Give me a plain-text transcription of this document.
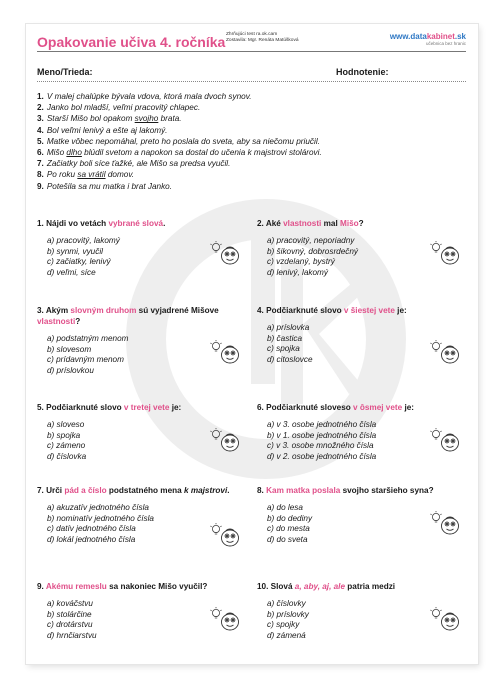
Opakovanie učiva 4. ročníka Zhrňujúci test ra.ok.cam
Zostavila: Mgr. Renáta Matúšková	www.datakabinet.sk
učebnica bez hranic
Meno/Trieda:	Hodnotenie:
1. V malej chalúpke bývala vdova, ktorá mala dvoch synov.
2. Janko bol mladší, veľmi pracovitý chlapec.
3. Starší Mišo bol opakom svojho brata.
4. Bol veľmi lenivý a ešte aj lakomý.
5. Matke vôbec nepomáhal, preto ho poslala do sveta, aby sa niečomu priučil.
6. Mišo dlho blúdil svetom a napokon sa dostal do učenia k majstrovi stolárovi.
7. Začiatky boli síce ťažké, ale Mišo sa predsa vyučil.
8. Po roku sa vrátil domov.
9. Potešila sa mu matka i brat Janko.
1. Nájdi vo vetách vybrané slová.
a) pracovitý, lakomý
b) synmi, vyučil
c) začiatky, lenivý
d) veľmi, síce
2. Aké vlastnosti mal Mišo?
a) pracovitý, neporiadny
b) šikovný, dobrosrdečný
c) vzdelaný, bystrý
d) lenivý, lakomý
3. Akým slovným druhom sú vyjadrené Mišove vlastnosti?
a) podstatným menom
b) slovesom
c) prídavným menom
d) príslovkou
4. Podčiarknuté slovo v šiestej vete je:
a) príslovka
b) častica
c) spojka
d) citoslovce
5. Podčiarknuté slovo v tretej vete je:
a) sloveso
b) spojka
c) zámeno
d) číslovka
6. Podčiarknuté sloveso v ôsmej vete je:
a) v 3. osobe jednotného čísla
b) v 1. osobe jednotného čísla
c) v 3. osobe množného čísla
d) v 2. osobe jednotného čísla
7. Urči pád a číslo podstatného mena k majstrovi.
a) akuzatív jednotného čísla
b) nominatív jednotného čísla
c) datív jednotného čísla
d) lokál jednotného čísla
8. Kam matka poslala svojho staršieho syna?
a) do lesa
b) do dediny
c) do mesta
d) do sveta
9. Akému remeslu sa nakoniec Mišo vyučil?
a) kováčstvu
b) stolárčine
c) drotárstvu
d) hrnčiarstvu
10. Slová a, aby, aj, ale patria medzi
a) číslovky
b) príslovky
c) spojky
d) zámená
